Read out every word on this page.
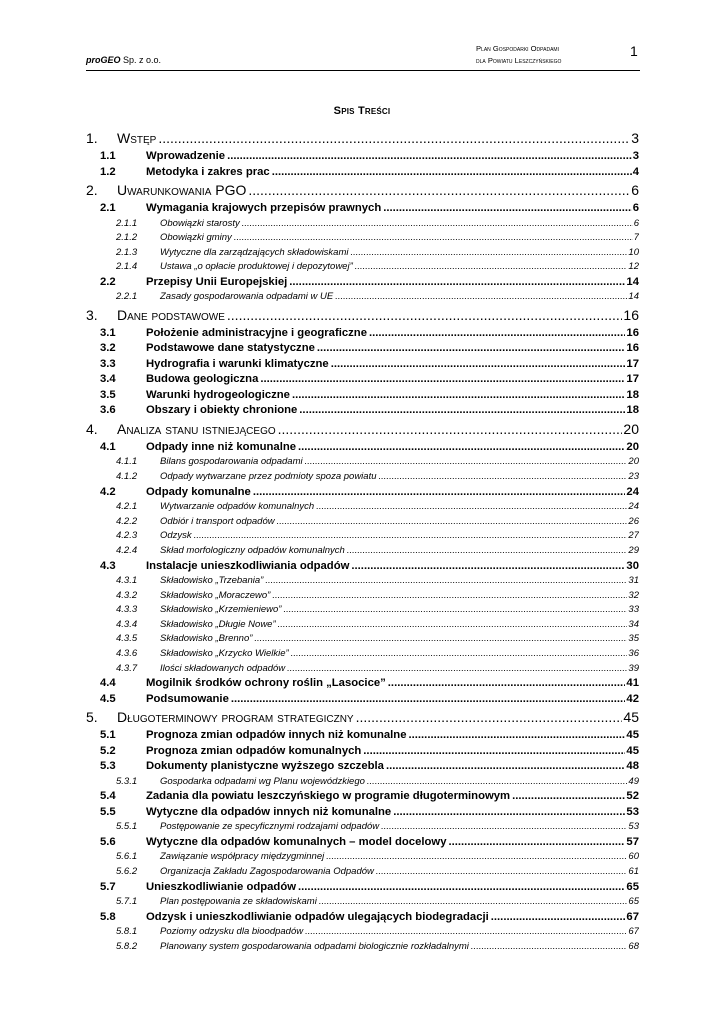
proGEO Sp. z o.o.
Plan Gospodarki Odpadami
dla Powiatu Leszczyńskiego
1
Spis Treści
1.	Wstęp .....	3
1.1	Wprowadzenie .....	3
1.2	Metodyka i zakres prac .....	4
2.	Uwarunkowania PGO .....	6
2.1	Wymagania krajowych przepisów prawnych .....	6
2.1.1	Obowiązki starosty .....	6
2.1.2	Obowiązki gminy .....	7
2.1.3	Wytyczne dla zarządzających składowiskami .....	10
2.1.4	Ustawa „o opłacie produktowej i depozytowej” .....	12
2.2	Przepisy Unii Europejskiej .....	14
2.2.1	Zasady gospodarowania odpadami w UE .....	14
3.	Dane podstawowe .....	16
3.1	Położenie administracyjne i geograficzne .....	16
3.2	Podstawowe dane statystyczne .....	16
3.3	Hydrografia i warunki klimatyczne .....	17
3.4	Budowa geologiczna .....	17
3.5	Warunki hydrogeologiczne .....	18
3.6	Obszary i obiekty chronione .....	18
4.	Analiza stanu istniejącego .....	20
4.1	Odpady inne niż komunalne .....	20
4.1.1	Bilans gospodarowania odpadami .....	20
4.1.2	Odpady wytwarzane przez podmioty spoza powiatu .....	23
4.2	Odpady komunalne .....	24
4.2.1	Wytwarzanie odpadów komunalnych .....	24
4.2.2	Odbiór i transport odpadów .....	26
4.2.3	Odzysk .....	27
4.2.4	Skład morfologiczny odpadów komunalnych .....	29
4.3	Instalacje unieszkodliwiania odpadów .....	30
4.3.1	Składowisko „Trzebania” .....	31
4.3.2	Składowisko „Moraczewo” .....	32
4.3.3	Składowisko „Krzemieniewo” .....	33
4.3.4	Składowisko „Długie Nowe” .....	34
4.3.5	Składowisko „Brenno” .....	35
4.3.6	Składowisko „Krzycko Wielkie” .....	36
4.3.7	Ilości składowanych odpadów .....	39
4.4	Mogilnik środków ochrony roślin „Lasocice” .....	41
4.5	Podsumowanie .....	42
5.	Długoterminowy program strategiczny .....	45
5.1	Prognoza zmian odpadów innych niż komunalne .....	45
5.2	Prognoza zmian odpadów komunalnych .....	45
5.3	Dokumenty planistyczne wyższego szczebla .....	48
5.3.1	Gospodarka odpadami wg Planu wojewódzkiego .....	49
5.4	Zadania dla powiatu leszczyńskiego w programie długoterminowym .....	52
5.5	Wytyczne dla odpadów innych niż komunalne .....	53
5.5.1	Postępowanie ze specyficznymi rodzajami odpadów .....	53
5.6	Wytyczne dla odpadów komunalnych – model docelowy .....	57
5.6.1	Zawiązanie współpracy międzygminnej .....	60
5.6.2	Organizacja Zakładu Zagospodarowania Odpadów .....	61
5.7	Unieszkodliwianie odpadów .....	65
5.7.1	Plan postępowania ze składowiskami .....	65
5.8	Odzysk i unieszkodliwianie odpadów ulegających biodegradacji .....	67
5.8.1	Poziomy odzysku dla bioodpadów .....	67
5.8.2	Planowany system gospodarowania odpadami biologicznie rozkładalnymi .....	68
